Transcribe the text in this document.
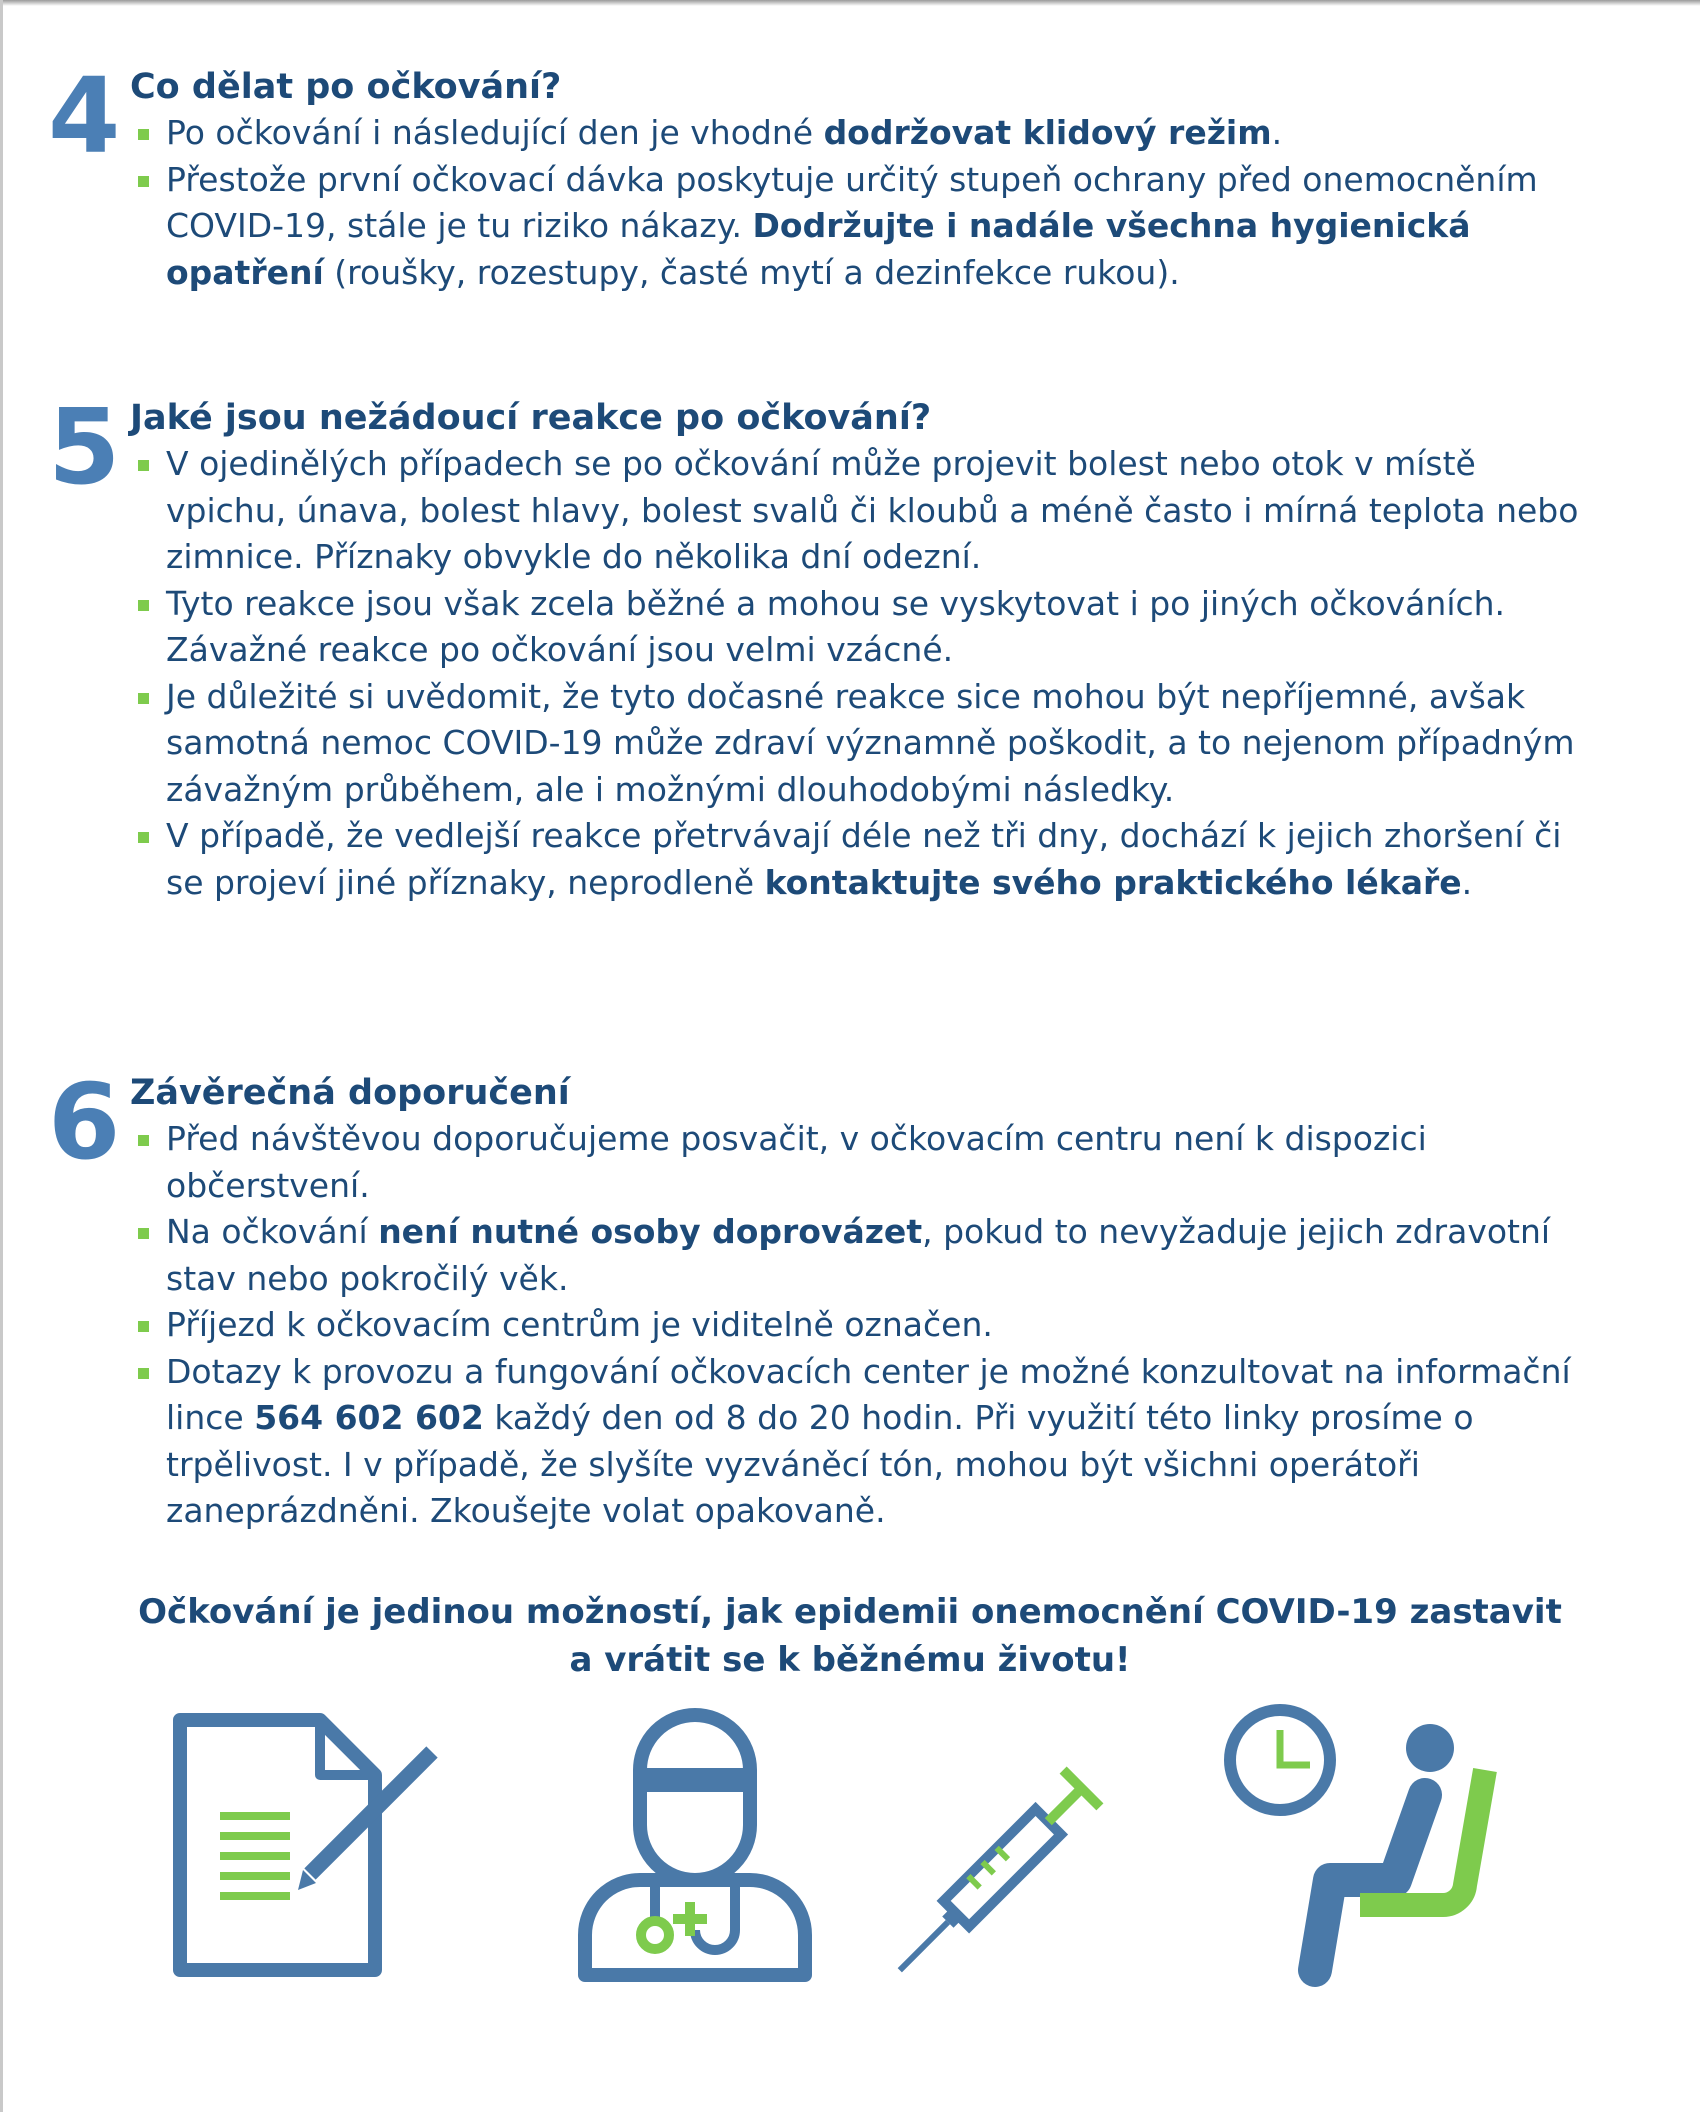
4 Co dělat po očkování?
Po očkování i následující den je vhodné dodržovat klidový režim.
Přestože první očkovací dávka poskytuje určitý stupeň ochrany před onemocněním COVID-19, stále je tu riziko nákazy. Dodržujte i nadále všechna hygienická opatření (roušky, rozestupy, časté mytí a dezinfekce rukou).
5 Jaké jsou nežádoucí reakce po očkování?
V ojedinělých případech se po očkování může projevit bolest nebo otok v místě vpichu, únava, bolest hlavy, bolest svalů či kloubů a méně často i mírná teplota nebo zimnice. Příznaky obvykle do několika dní odezní.
Tyto reakce jsou však zcela běžné a mohou se vyskytovat i po jiných očkováních. Závažné reakce po očkování jsou velmi vzácné.
Je důležité si uvědomit, že tyto dočasné reakce sice mohou být nepříjemné, avšak samotná nemoc COVID-19 může zdraví významně poškodit, a to nejenom případným závažným průběhem, ale i možnými dlouhodobými následky.
V případě, že vedlejší reakce přetrvávají déle než tři dny, dochází k jejich zhoršení či se projeví jiné příznaky, neprodleně kontaktujte svého praktického lékaře.
6 Závěrečná doporučení
Před návštěvou doporučujeme posvačit, v očkovacím centru není k dispozici občerstvení.
Na očkování není nutné osoby doprovázet, pokud to nevyžaduje jejich zdravotní stav nebo pokročilý věk.
Příjezd k očkovacím centrům je viditelně označen.
Dotazy k provozu a fungování očkovacích center je možné konzultovat na informační lince 564 602 602 každý den od 8 do 20 hodin. Při využití této linky prosíme o trpělivost. I v případě, že slyšíte vyzváněcí tón, mohou být všichni operátoři zaneprázdněni. Zkoušejte volat opakovaně.
Očkování je jedinou možností, jak epidemii onemocnění COVID-19 zastavit
a vrátit se k běžnému životu!
